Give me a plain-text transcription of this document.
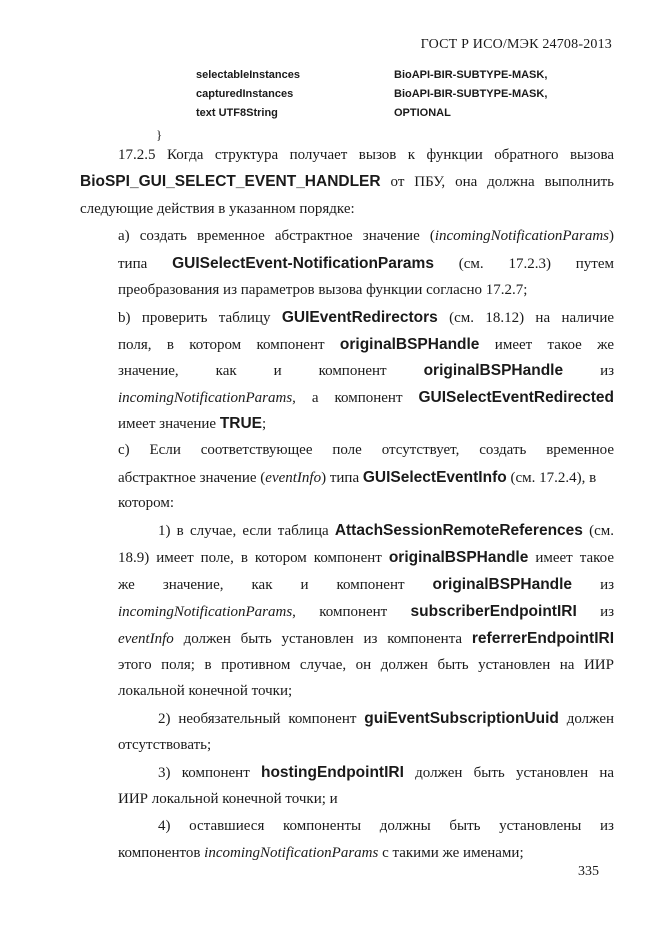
ГОСТ Р ИСО/МЭК 24708-2013
selectableInstances	BioAPI-BIR-SUBTYPE-MASK,
capturedInstances	BioAPI-BIR-SUBTYPE-MASK,
text UTF8String	OPTIONAL
}
17.2.5 Когда структура получает вызов к функции обратного вызова
BioSPI_GUI_SELECT_EVENT_HANDLER от ПБУ, она должна выполнить
следующие действия в указанном порядке:
a) создать временное абстрактное значение (incomingNotificationParams)
типа GUISelectEvent-NotificationParams (см. 17.2.3) путем
преобразования из параметров вызова функции согласно 17.2.7;
b) проверить таблицу GUIEventRedirectors (см. 18.12) на наличие
поля, в котором компонент originalBSPHandle имеет такое же
значение, как и компонент originalBSPHandle из
incomingNotificationParams, а компонент GUISelectEventRedirected
имеет значение TRUE;
c) Если соответствующее поле отсутствует, создать временное
абстрактное значение (eventInfo) типа GUISelectEventInfo (см. 17.2.4), в
котором:
1) в случае, если таблица AttachSessionRemoteReferences (см.
18.9) имеет поле, в котором компонент originalBSPHandle имеет такое
же значение, как и компонент originalBSPHandle из
incomingNotificationParams, компонент subscriberEndpointIRI из
eventInfo должен быть установлен из компонента referrerEndpointIRI
этого поля; в противном случае, он должен быть установлен на ИИР
локальной конечной точки;
2) необязательный компонент guiEventSubscriptionUuid должен
отсутствовать;
3) компонент hostingEndpointIRI должен быть установлен на
ИИР локальной конечной точки; и
4) оставшиеся компоненты должны быть установлены из
компонентов incomingNotificationParams с такими же именами;
335
